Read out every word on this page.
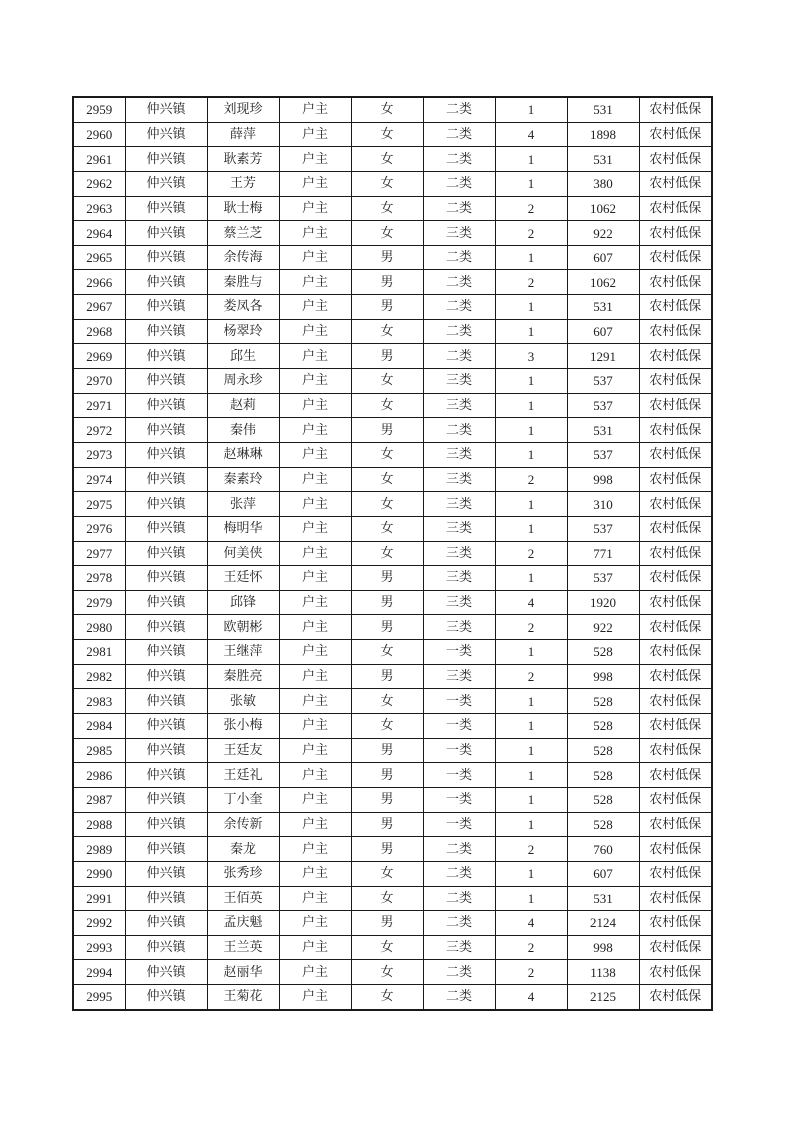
2959	仲兴镇	刘现珍	户主	女	二类	1	531	农村低保
2960	仲兴镇	薛萍	户主	女	二类	4	1898	农村低保
2961	仲兴镇	耿素芳	户主	女	二类	1	531	农村低保
2962	仲兴镇	王芳	户主	女	二类	1	380	农村低保
2963	仲兴镇	耿士梅	户主	女	二类	2	1062	农村低保
2964	仲兴镇	蔡兰芝	户主	女	三类	2	922	农村低保
2965	仲兴镇	余传海	户主	男	二类	1	607	农村低保
2966	仲兴镇	秦胜与	户主	男	二类	2	1062	农村低保
2967	仲兴镇	娄凤各	户主	男	二类	1	531	农村低保
2968	仲兴镇	杨翠玲	户主	女	二类	1	607	农村低保
2969	仲兴镇	邱生	户主	男	二类	3	1291	农村低保
2970	仲兴镇	周永珍	户主	女	三类	1	537	农村低保
2971	仲兴镇	赵莉	户主	女	三类	1	537	农村低保
2972	仲兴镇	秦伟	户主	男	二类	1	531	农村低保
2973	仲兴镇	赵琳琳	户主	女	三类	1	537	农村低保
2974	仲兴镇	秦素玲	户主	女	三类	2	998	农村低保
2975	仲兴镇	张萍	户主	女	三类	1	310	农村低保
2976	仲兴镇	梅明华	户主	女	三类	1	537	农村低保
2977	仲兴镇	何美侠	户主	女	三类	2	771	农村低保
2978	仲兴镇	王廷怀	户主	男	三类	1	537	农村低保
2979	仲兴镇	邱锋	户主	男	三类	4	1920	农村低保
2980	仲兴镇	欧朝彬	户主	男	三类	2	922	农村低保
2981	仲兴镇	王继萍	户主	女	一类	1	528	农村低保
2982	仲兴镇	秦胜亮	户主	男	三类	2	998	农村低保
2983	仲兴镇	张敏	户主	女	一类	1	528	农村低保
2984	仲兴镇	张小梅	户主	女	一类	1	528	农村低保
2985	仲兴镇	王廷友	户主	男	一类	1	528	农村低保
2986	仲兴镇	王廷礼	户主	男	一类	1	528	农村低保
2987	仲兴镇	丁小奎	户主	男	一类	1	528	农村低保
2988	仲兴镇	余传新	户主	男	一类	1	528	农村低保
2989	仲兴镇	秦龙	户主	男	二类	2	760	农村低保
2990	仲兴镇	张秀珍	户主	女	二类	1	607	农村低保
2991	仲兴镇	王佰英	户主	女	二类	1	531	农村低保
2992	仲兴镇	孟庆魁	户主	男	二类	4	2124	农村低保
2993	仲兴镇	王兰英	户主	女	三类	2	998	农村低保
2994	仲兴镇	赵丽华	户主	女	二类	2	1138	农村低保
2995	仲兴镇	王菊花	户主	女	二类	4	2125	农村低保
